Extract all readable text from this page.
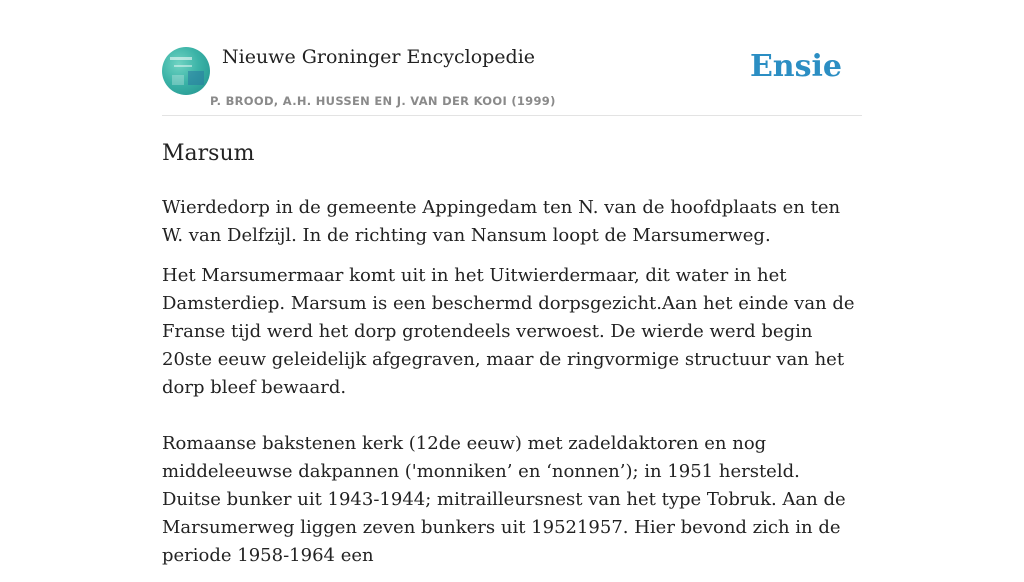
Nieuwe Groninger Encyclopedie
P. BROOD, A.H. HUSSEN EN J. VAN DER KOOI (1999)
Ensie
Marsum

Wierdedorp in de gemeente Appingedam ten N. van de hoofdplaats en ten W. van Delfzijl. In de richting van Nansum loopt de Marsumerweg.

Het Marsumermaar komt uit in het Uitwierdermaar, dit water in het Damsterdiep. Marsum is een beschermd dorpsgezicht.Aan het einde van de Franse tijd werd het dorp grotendeels verwoest. De wierde werd begin 20ste eeuw geleidelijk afgegraven, maar de ringvormige structuur van het dorp bleef bewaard.

Romaanse bakstenen kerk (12de eeuw) met zadeldaktoren en nog middeleeuwse dakpannen ('monniken’ en ‘nonnen’); in 1951 hersteld. Duitse bunker uit 1943-1944; mitrailleursnest van het type Tobruk. Aan de Marsumerweg liggen zeven bunkers uit 19521957. Hier bevond zich in de periode 1958-1964 een
